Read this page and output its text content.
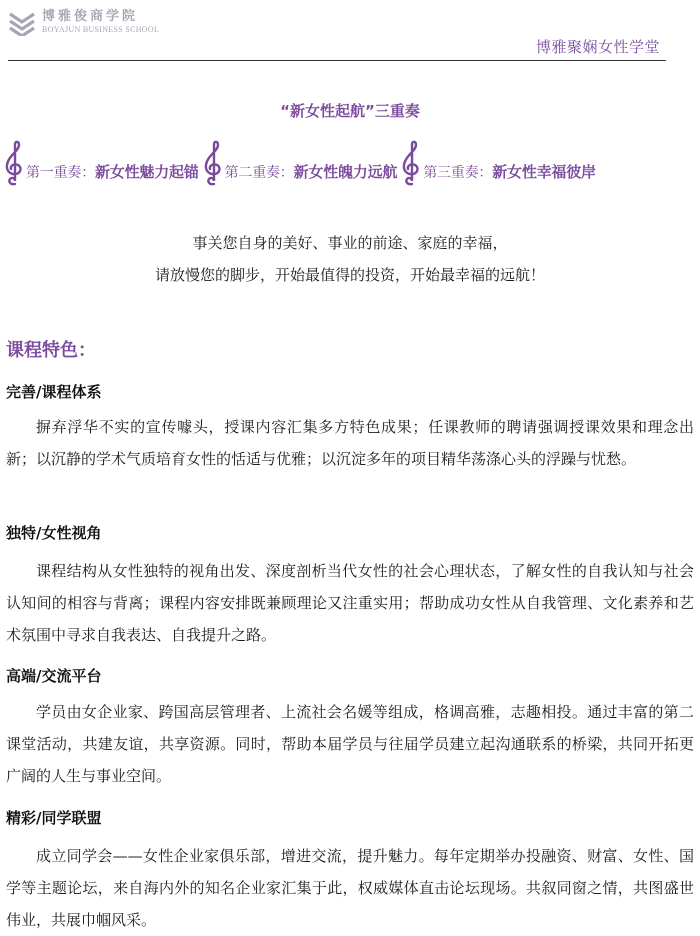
博雅俊商学院
BOYAJUN BUSINESS SCHOOL
博雅聚娴女性学堂
“新女性起航”三重奏
第一重奏：新女性魅力起锚 第二重奏：新女性魄力远航 第三重奏：新女性幸福彼岸
事关您自身的美好、事业的前途、家庭的幸福，
请放慢您的脚步，开始最值得的投资，开始最幸福的远航！
课程特色：
完善/课程体系

摒弃浮华不实的宣传噱头，授课内容汇集多方特色成果；任课教师的聘请强调授课效果和理念出新；以沉静的学术气质培育女性的恬适与优雅；以沉淀多年的项目精华荡涤心头的浮躁与忧愁。

独特/女性视角

课程结构从女性独特的视角出发、深度剖析当代女性的社会心理状态，了解女性的自我认知与社会认知间的相容与背离；课程内容安排既兼顾理论又注重实用；帮助成功女性从自我管理、文化素养和艺术氛围中寻求自我表达、自我提升之路。

高端/交流平台

学员由女企业家、跨国高层管理者、上流社会名媛等组成，格调高雅，志趣相投。通过丰富的第二课堂活动，共建友谊，共享资源。同时，帮助本届学员与往届学员建立起沟通联系的桥梁，共同开拓更广阔的人生与事业空间。

精彩/同学联盟

成立同学会——女性企业家俱乐部，增进交流，提升魅力。每年定期举办投融资、财富、女性、国学等主题论坛，来自海内外的知名企业家汇集于此，权威媒体直击论坛现场。共叙同窗之情，共图盛世伟业，共展巾帼风采。
